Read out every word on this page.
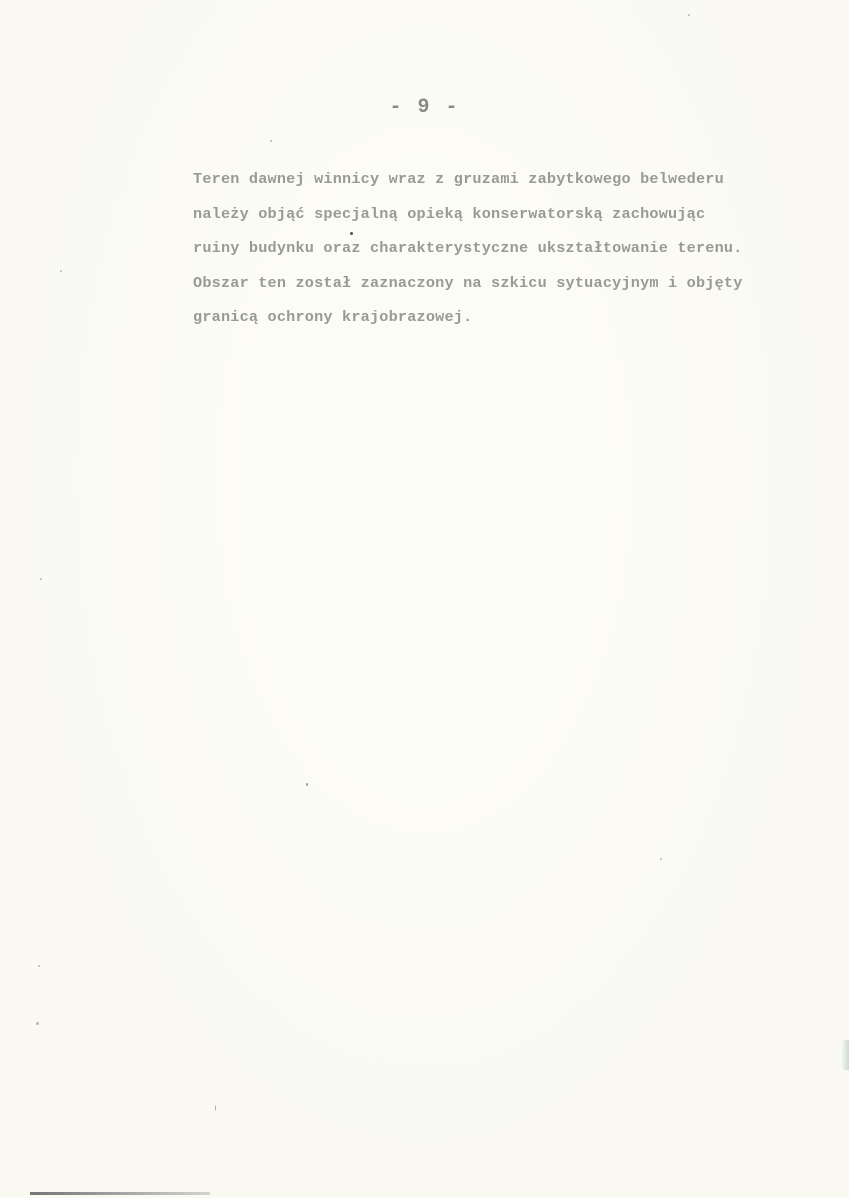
- 9 -
Teren dawnej winnicy wraz z gruzami zabytkowego belwederu
należy objąć specjalną opieką konserwatorską zachowując
ruiny budynku oraz charakterystyczne ukształtowanie terenu.
Obszar ten został zaznaczony na szkicu sytuacyjnym i objęty
granicą ochrony krajobrazowej.
